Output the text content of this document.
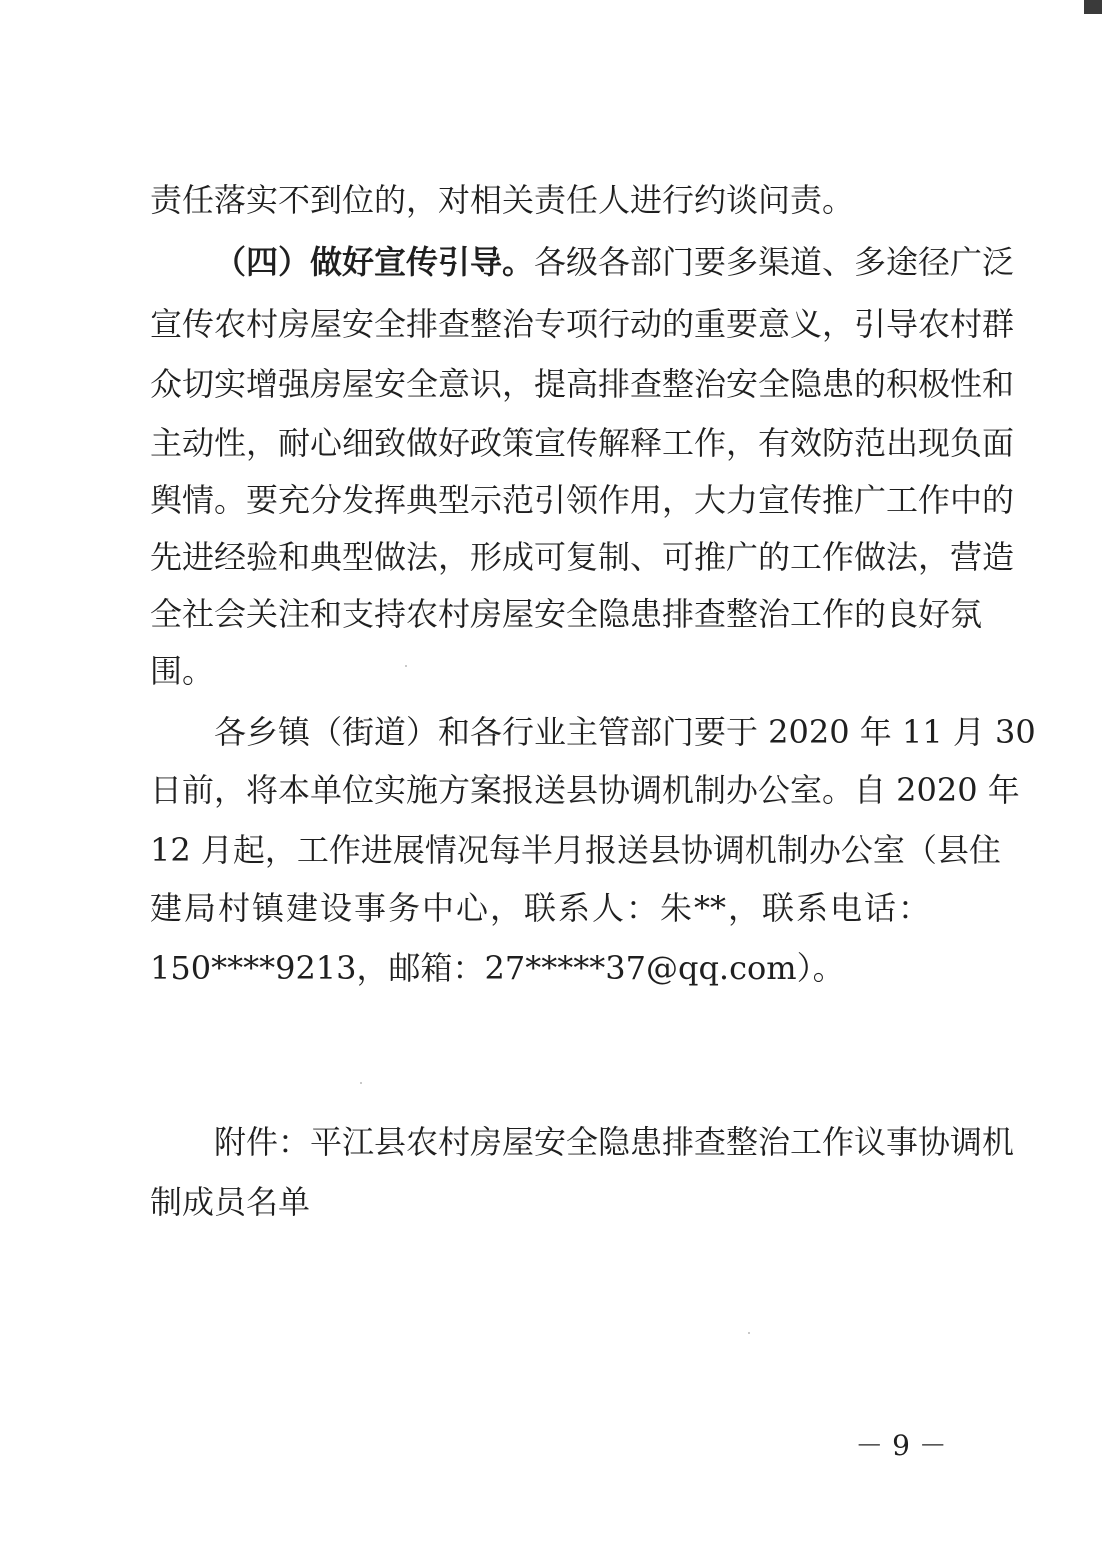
责任落实不到位的，对相关责任人进行约谈问责。
（四）做好宣传引导。各级各部门要多渠道、多途径广泛
宣传农村房屋安全排查整治专项行动的重要意义，引导农村群
众切实增强房屋安全意识，提高排查整治安全隐患的积极性和
主动性，耐心细致做好政策宣传解释工作，有效防范出现负面
舆情。要充分发挥典型示范引领作用，大力宣传推广工作中的
先进经验和典型做法，形成可复制、可推广的工作做法，营造
全社会关注和支持农村房屋安全隐患排查整治工作的良好氛
围。
各乡镇（街道）和各行业主管部门要于 2020 年 11 月 30
日前，将本单位实施方案报送县协调机制办公室。自 2020 年
12 月起，工作进展情况每半月报送县协调机制办公室（县住
建局村镇建设事务中心，联系人：朱**，联系电话：
150****9213，邮箱：27*****37@qq.com）。
附件：平江县农村房屋安全隐患排查整治工作议事协调机
制成员名单
－ 9 －
